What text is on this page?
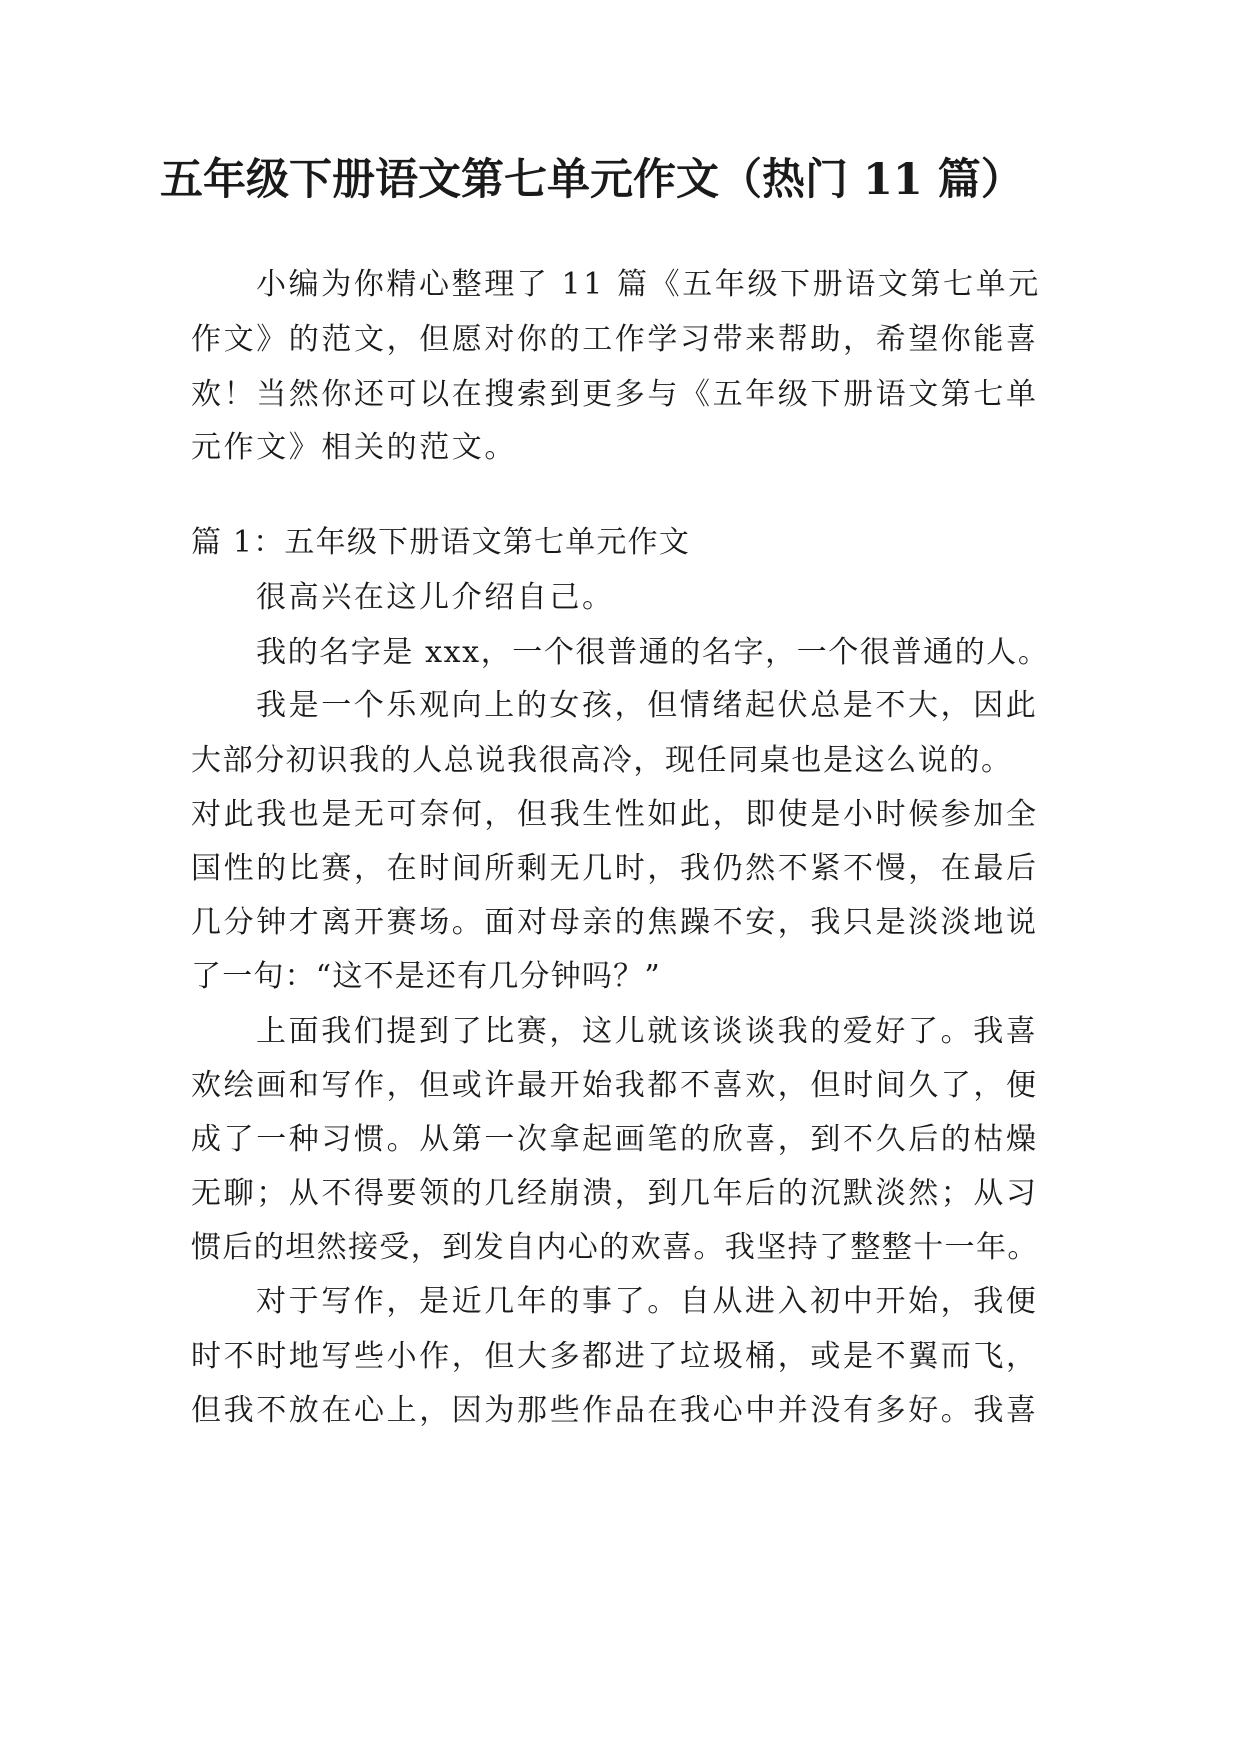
五年级下册语文第七单元作文（热门 11 篇）

小编为你精心整理了 11 篇《五年级下册语文第七单元

作文》的范文，但愿对你的工作学习带来帮助，希望你能喜

欢！当然你还可以在搜索到更多与《五年级下册语文第七单

元作文》相关的范文。

篇 1：五年级下册语文第七单元作文

很高兴在这儿介绍自己。

我的名字是 xxx，一个很普通的名字，一个很普通的人。

我是一个乐观向上的女孩，但情绪起伏总是不大，因此

大部分初识我的人总说我很高冷，现任同桌也是这么说的。

对此我也是无可奈何，但我生性如此，即使是小时候参加全

国性的比赛，在时间所剩无几时，我仍然不紧不慢，在最后

几分钟才离开赛场。面对母亲的焦躁不安，我只是淡淡地说

了一句：“这不是还有几分钟吗？”

上面我们提到了比赛，这儿就该谈谈我的爱好了。我喜

欢绘画和写作，但或许最开始我都不喜欢，但时间久了，便

成了一种习惯。从第一次拿起画笔的欣喜，到不久后的枯燥

无聊；从不得要领的几经崩溃，到几年后的沉默淡然；从习

惯后的坦然接受，到发自内心的欢喜。我坚持了整整十一年。

对于写作，是近几年的事了。自从进入初中开始，我便

时不时地写些小作，但大多都进了垃圾桶，或是不翼而飞，

但我不放在心上，因为那些作品在我心中并没有多好。我喜
